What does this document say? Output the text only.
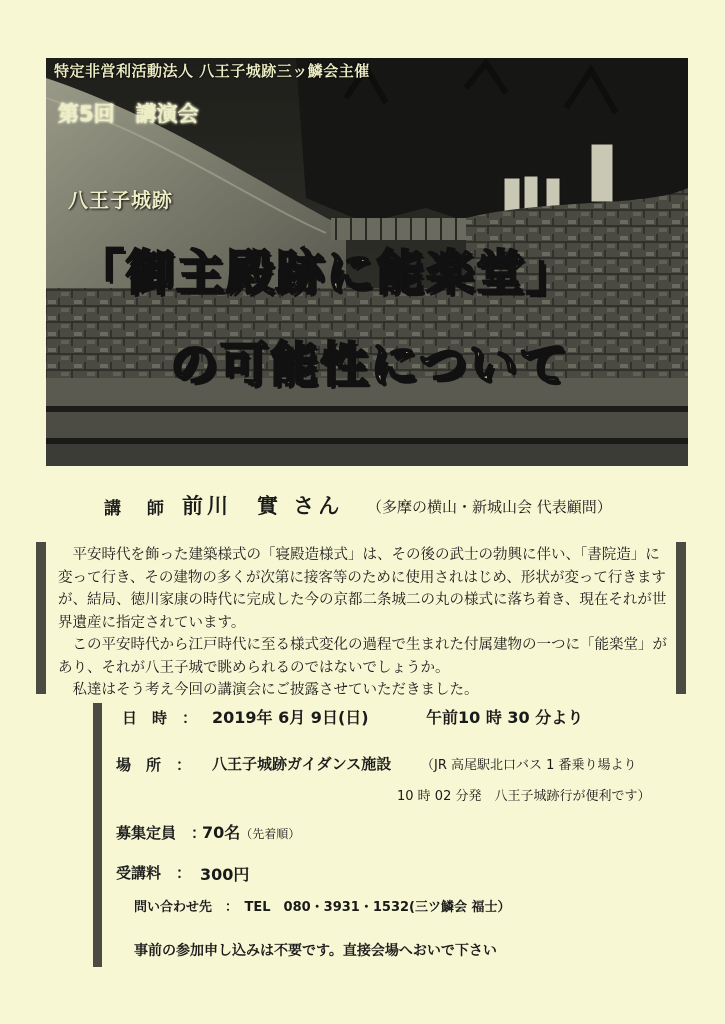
特定非営利活動法人 八王子城跡三ッ鱗会主催
第5回　講演会
八王子城跡
「御主殿跡に能楽堂」
の可能性について
講 師 前川　實 さん （多摩の横山・新城山会 代表顧問）

　平安時代を飾った建築様式の「寝殿造様式」は、その後の武士の勃興に伴い、「書院造」に変って行き、その建物の多くが次第に接客等のために使用されはじめ、形状が変って行きますが、結局、徳川家康の時代に完成した今の京都二条城二の丸の様式に落ち着き、現在それが世界遺産に指定されています。

　この平安時代から江戸時代に至る様式変化の過程で生まれた付属建物の一つに「能楽堂」があり、それが八王子城で眺められるのではないでしょうか。

　私達はそう考え今回の講演会にご披露させていただきました。

日　時　： 2019年 6月 9日(日)	午前10 時 30 分より
場　所　： 八王子城跡ガイダンス施設 （JR 高尾駅北口バス 1 番乗り場より
10 時 02 分発　八王子城跡行が便利です）
募集定員　：
70名（先着順）
受講料　： 300円
問い合わせ先　：　TEL　080・3931・1532(三ツ鱗会 福士）
事前の参加申し込みは不要です。直接会場へおいで下さい
